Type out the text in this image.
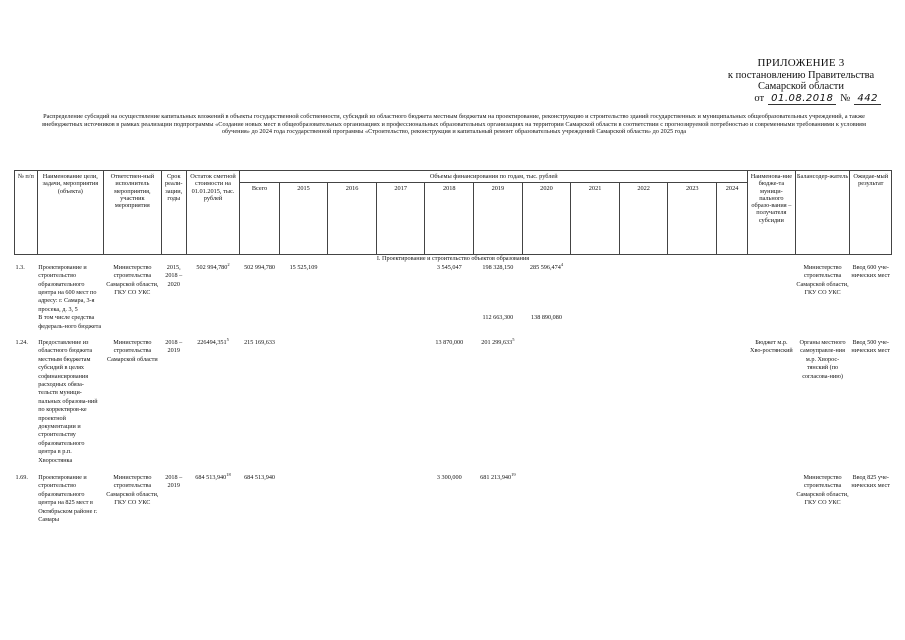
ПРИЛОЖЕНИЕ 3
к постановлению Правительства
Самарской области
от 01.08.2018 № 442
Распределение субсидий на осуществление капитальных вложений в объекты государственной собственности, субсидий из областного бюджета местным бюджетам на проектирование, реконструкцию и строительство зданий государственных и муниципальных общеобразовательных учреждений, а также внебюджетных источников в рамках реализации подпрограммы «Создание новых мест в общеобразовательных организациях и профессиональных образовательных организациях на территории Самарской области в соответствии с прогнозируемой потребностью и современными требованиями к условиям обучения» до 2024 года государственной программы «Строительство, реконструкция и капитальный ремонт образовательных учреждений Самарской области» до 2025 года
№ п/п	Наименование цели, задачи, мероприятия (объекта)	Ответствен-ный исполнитель мероприятия, участник мероприятия	Срок реали-зации, годы	Остаток сметной стоимости на 01.01.2015, тыс. рублей	Объемы финансирования по годам, тыс. рублей											Наименова-ние бюдже-та муници-пального образо-вания – получателя субсидии	Балансодер-жатель	Ожидае-мый результат
					Всего	2015	2016	2017	2018	2019	2020	2021	2022	2023	2024			
I. Проектирование и строительство объектов образования																		
1.3.	Проектирование и строительство образовательного центра на 600 мест по адресу: г. Самара, 3-я просека, д. 3, 5	Министерство строительства Самарской области, ГКУ СО УКС	2015, 2018 – 2020	502 994,780$^2$	502 994,780	15 525,109			3 545,047	198 328,150	285 596,474$^4$						Министерство строительства Самарской области, ГКУ СО УКС	Ввод 600 уче-нических мест
	В том числе средства федераль-ного бюджета									112 663,300	138 890,080							

1.24.	Предоставление из областного бюджета местным бюджетам субсидий в целях софинансирования расходных обяза-тельств муници-пальных образова-ний по корректиров-ке проектной документации и строительству образовательного центра в р.п. Хворостянка	Министерство строительства Самарской области	2018 – 2019	226494,351$^5$	215 169,633				13 870,000	201 299,633$^5$						Бюджет м.р. Хво-ростянский	Органы местного самоуправле-ния м.р. Хворос-тянский (по согласова-нию)	Ввод 500 уче-нических мест

1.69.	Проектирование и строительство образовательного центра на 825 мест в Октябрьском районе г. Самары	Министерство строительства Самарской области, ГКУ СО УКС	2018 – 2019	684 513,940$^{18}$	684 513,940				3 300,000	681 213,940$^{19}$							Министерство строительства Самарской области, ГКУ СО УКС	Ввод 825 уче-нических мест
